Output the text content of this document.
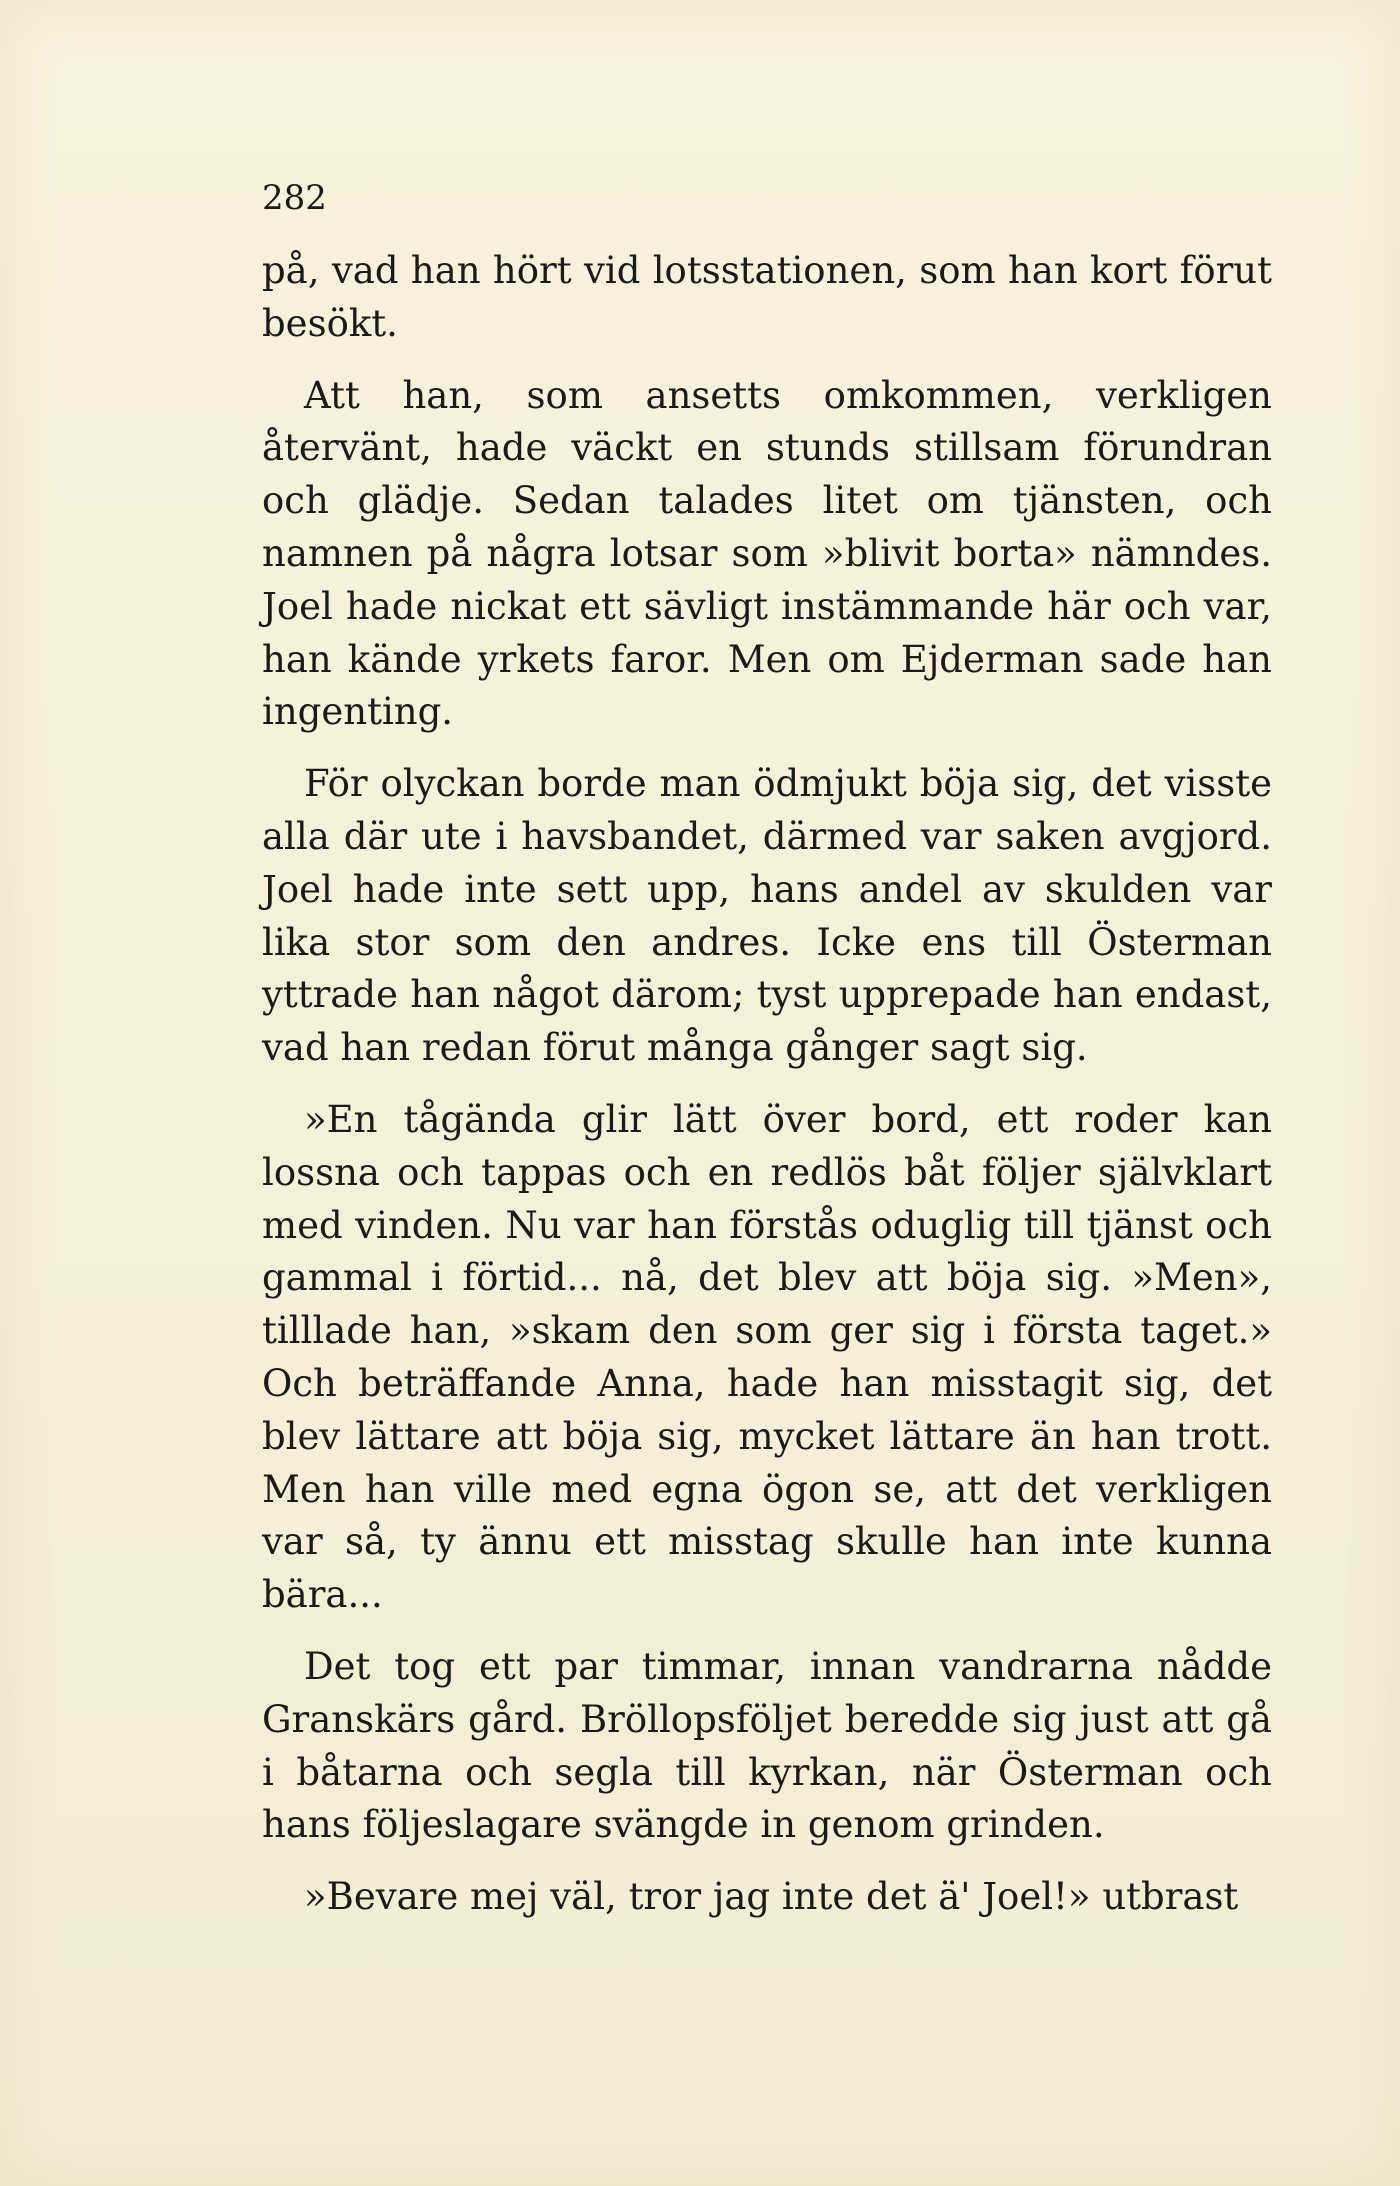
282

på, vad han hört vid lotsstationen, som han kort förut besökt.

Att han, som ansetts omkommen, verkligen återvänt, hade väckt en stunds stillsam förundran och glädje. Sedan talades litet om tjänsten, och namnen på några lotsar som »blivit borta» nämndes. Joel hade nickat ett sävligt instämmande här och var, han kände yrkets faror. Men om Ejderman sade han ingenting.

För olyckan borde man ödmjukt böja sig, det visste alla där ute i havsbandet, därmed var saken avgjord. Joel hade inte sett upp, hans andel av skulden var lika stor som den andres. Icke ens till Österman yttrade han något därom; tyst upprepade han endast, vad han redan förut många gånger sagt sig.

»En tågända glir lätt över bord, ett roder kan lossna och tappas och en redlös båt följer självklart med vinden. Nu var han förstås oduglig till tjänst och gammal i förtid... nå, det blev att böja sig. »Men», tilllade han, »skam den som ger sig i första taget.» Och beträffande Anna, hade han misstagit sig, det blev lättare att böja sig, mycket lättare än han trott. Men han ville med egna ögon se, att det verkligen var så, ty ännu ett misstag skulle han inte kunna bära...

Det tog ett par timmar, innan vandrarna nådde Granskärs gård. Bröllopsföljet beredde sig just att gå i båtarna och segla till kyrkan, när Österman och hans följeslagare svängde in genom grinden.

»Bevare mej väl, tror jag inte det ä' Joel!» utbrast
